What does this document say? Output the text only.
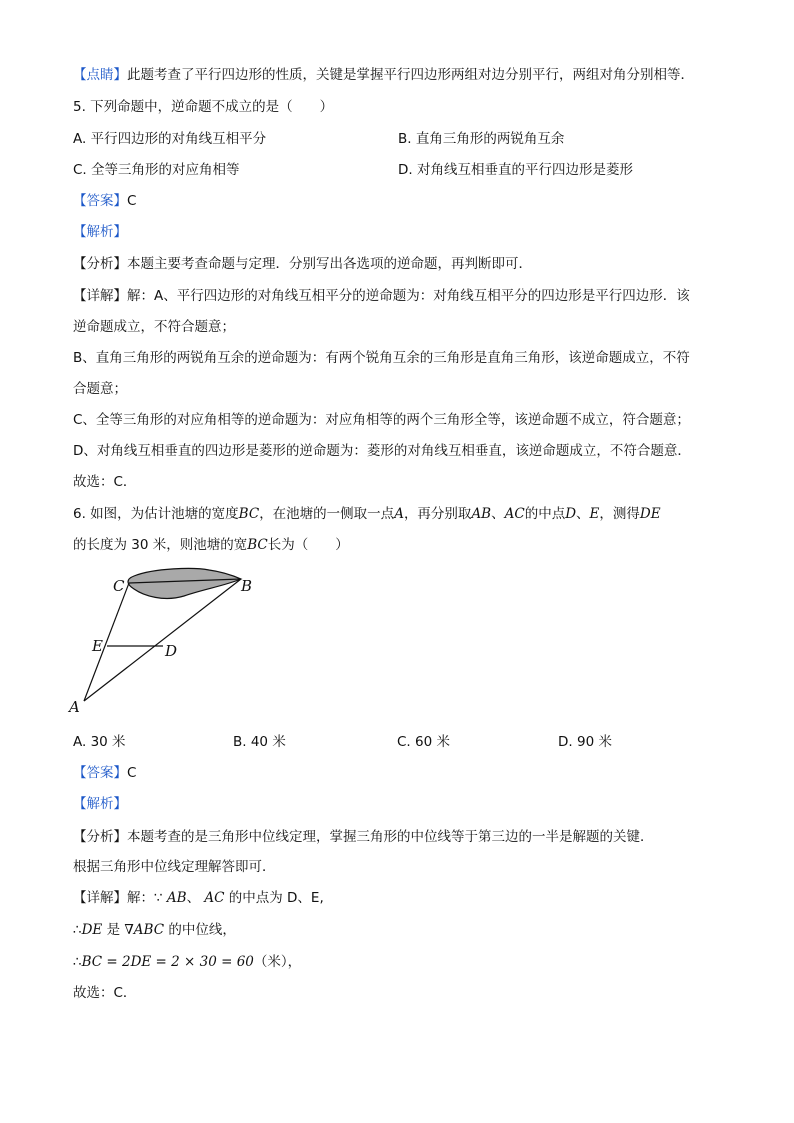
【点睛】此题考查了平行四边形的性质，关键是掌握平行四边形两组对边分别平行，两组对角分别相等．
5. 下列命题中，逆命题不成立的是（　　）
A. 平行四边形的对角线互相平分	B. 直角三角形的两锐角互余
C. 全等三角形的对应角相等	D. 对角线互相垂直的平行四边形是菱形
【答案】C
【解析】
【分析】本题主要考查命题与定理．分别写出各选项的逆命题，再判断即可．
【详解】解：A、平行四边形的对角线互相平分的逆命题为：对角线互相平分的四边形是平行四边形．该
逆命题成立，不符合题意；
B、直角三角形的两锐角互余的逆命题为：有两个锐角互余的三角形是直角三角形，该逆命题成立，不符
合题意；
C、全等三角形的对应角相等的逆命题为：对应角相等的两个三角形全等，该逆命题不成立，符合题意；
D、对角线互相垂直的四边形是菱形的逆命题为：菱形的对角线互相垂直，该逆命题成立，不符合题意．
故选：C．
6. 如图，为估计池塘的宽度BC，在池塘的一侧取一点A，再分别取AB、AC的中点D、E，测得DE
的长度为 30 米，则池塘的宽BC长为（　　）
C	B
E	D
A
A. 30 米	B. 40 米	C. 60 米	D. 90 米
【答案】C
【解析】
【分析】本题考查的是三角形中位线定理，掌握三角形的中位线等于第三边的一半是解题的关键．
根据三角形中位线定理解答即可．
【详解】解：∵ AB、 AC 的中点为 D、E,
∴DE 是 ∇ABC 的中位线，
∴BC = 2DE = 2 × 30 = 60（米），
故选：C．
